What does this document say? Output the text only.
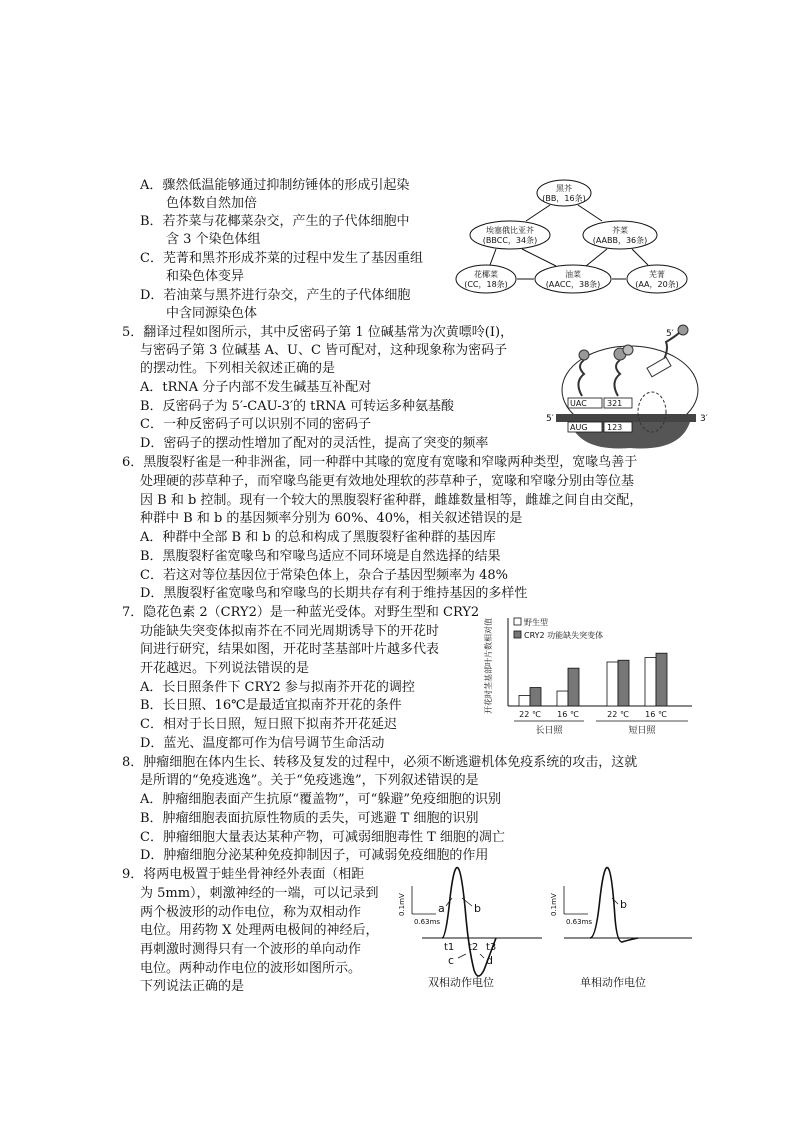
A．骤然低温能够通过抑制纺锤体的形成引起染
色体数自然加倍
B．若芥菜与花椰菜杂交，产生的子代体细胞中
含 3 个染色体组
C．芜菁和黑芥形成芥菜的过程中发生了基因重组
和染色体变异
D．若油菜与黑芥进行杂交，产生的子代体细胞
中含同源染色体
黑芥
(BB，16条)
埃塞俄比亚芥
(BBCC，34条)
芥菜
(AABB，36条)
花椰菜
(CC，18条)
油菜
(AACC，38条)
芜菁
(AA，20条)
5．翻译过程如图所示，其中反密码子第 1 位碱基常为次黄嘌呤(I)，
与密码子第 3 位碱基 A、U、C 皆可配对，这种现象称为密码子
的摆动性。下列相关叙述正确的是
A．tRNA 分子内部不发生碱基互补配对
B．反密码子为 5′-CAU-3′的 tRNA 可转运多种氨基酸
C．一种反密码子可以识别不同的密码子
D．密码子的摆动性增加了配对的灵活性，提高了突变的频率
5′	3′
AUG 123
UAC	321
5′
6．黑腹裂籽雀是一种非洲雀，同一种群中其喙的宽度有宽喙和窄喙两种类型，宽喙鸟善于
处理硬的莎草种子，而窄喙鸟能更有效地处理软的莎草种子，宽喙和窄喙分别由等位基
因 B 和 b 控制。现有一个较大的黑腹裂籽雀种群，雌雄数量相等，雌雄之间自由交配，
种群中 B 和 b 的基因频率分别为 60%、40%，相关叙述错误的是
A．种群中全部 B 和 b 的总和构成了黑腹裂籽雀种群的基因库
B．黑腹裂籽雀宽喙鸟和窄喙鸟适应不同环境是自然选择的结果
C．若这对等位基因位于常染色体上，杂合子基因型频率为 48%
D．黑腹裂籽雀宽喙鸟和窄喙鸟的长期共存有利于维持基因的多样性
7．隐花色素 2（CRY2）是一种蓝光受体。对野生型和 CRY2
功能缺失突变体拟南芥在不同光周期诱导下的开花时
间进行研究，结果如图，开花时茎基部叶片越多代表
开花越迟。下列说法错误的是
A．长日照条件下 CRY2 参与拟南芥开花的调控
B．长日照、16℃是最适宜拟南芥开花的条件
C．相对于长日照，短日照下拟南芥开花延迟
D．蓝光、温度都可作为信号调节生命活动
开花时茎基部叶片数相对值	野生型
CRY2 功能缺失突变体
22 ℃ 16 ℃	22 ℃ 16 ℃
长日照	短日照
8．肿瘤细胞在体内生长、转移及复发的过程中，必须不断逃避机体免疫系统的攻击，这就
是所谓的“免疫逃逸”。关于“免疫逃逸”，下列叙述错误的是
A．肿瘤细胞表面产生抗原“覆盖物”，可“躲避”免疫细胞的识别
B．肿瘤细胞表面抗原性物质的丢失，可逃避 T 细胞的识别
C．肿瘤细胞大量表达某种产物，可减弱细胞毒性 T 细胞的凋亡
D．肿瘤细胞分泌某种免疫抑制因子，可减弱免疫细胞的作用
9．将两电极置于蛙坐骨神经外表面（相距
为 5mm），刺激神经的一端，可以记录到
两个极波形的动作电位，称为双相动作
电位。用药物 X 处理两电极间的神经后，
再刺激时测得只有一个波形的单向动作
电位。两种动作电位的波形如图所示。
下列说法正确的是
0.1mV
0.63ms
a	b
c	d
t1 t2 t3
双相动作电位
0.1mV
0.63ms
b
单相动作电位
